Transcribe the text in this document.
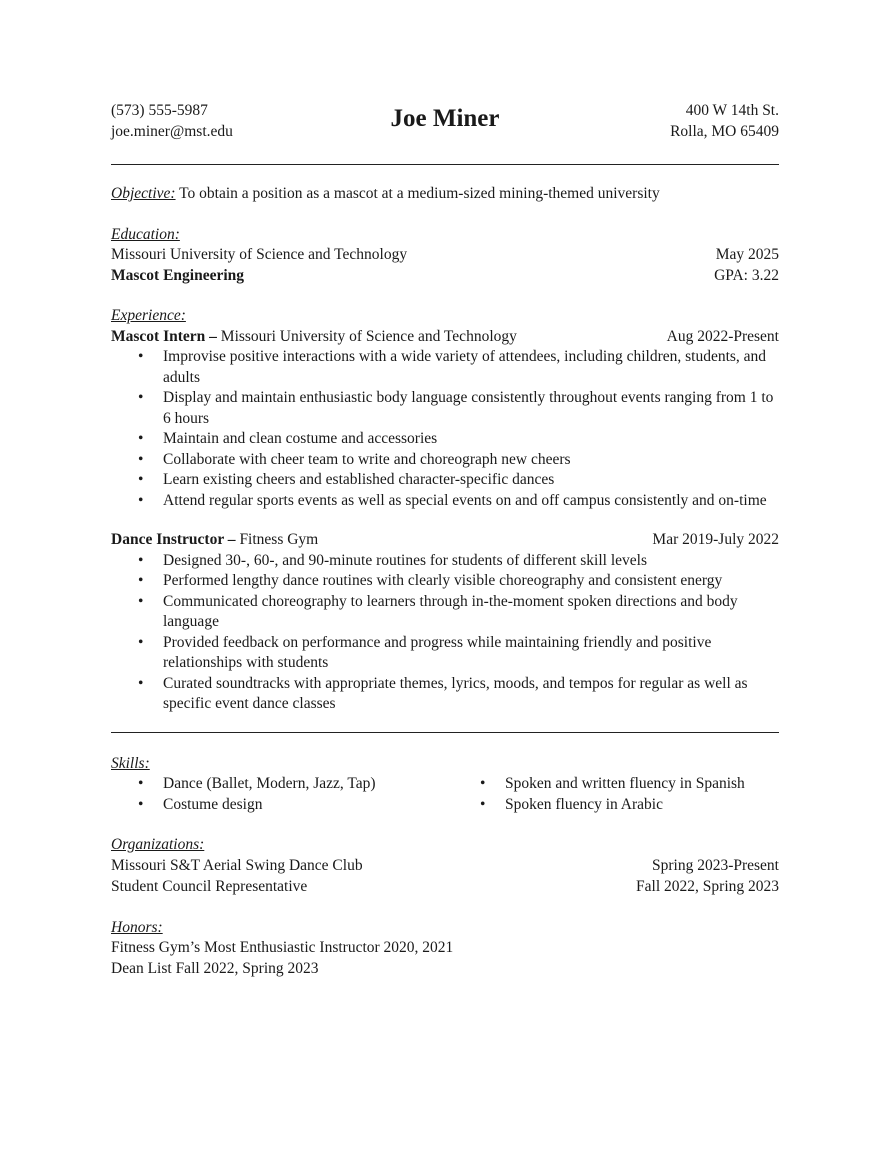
(573) 555-5987
joe.miner@mst.edu	Joe Miner	400 W 14th St.
Rolla, MO 65409
Objective: To obtain a position as a mascot at a medium-sized mining-themed university
Education:
Missouri University of Science and Technology	May 2025
Mascot Engineering	GPA: 3.22
Experience:
Mascot Intern – Missouri University of Science and Technology	Aug 2022-Present
• Improvise positive interactions with a wide variety of attendees, including children, students, and adults
• Display and maintain enthusiastic body language consistently throughout events ranging from 1 to 6 hours
• Maintain and clean costume and accessories
• Collaborate with cheer team to write and choreograph new cheers
• Learn existing cheers and established character-specific dances
• Attend regular sports events as well as special events on and off campus consistently and on-time
Dance Instructor – Fitness Gym	Mar 2019-July 2022
• Designed 30-, 60-, and 90-minute routines for students of different skill levels
• Performed lengthy dance routines with clearly visible choreography and consistent energy
• Communicated choreography to learners through in-the-moment spoken directions and body language
• Provided feedback on performance and progress while maintaining friendly and positive relationships with students
• Curated soundtracks with appropriate themes, lyrics, moods, and tempos for regular as well as specific event dance classes
Skills:
• Dance (Ballet, Modern, Jazz, Tap)
• Costume design
• Spoken and written fluency in Spanish
• Spoken fluency in Arabic
Organizations:
Missouri S&T Aerial Swing Dance Club	Spring 2023-Present
Student Council Representative	Fall 2022, Spring 2023
Honors:
Fitness Gym’s Most Enthusiastic Instructor 2020, 2021
Dean List Fall 2022, Spring 2023
